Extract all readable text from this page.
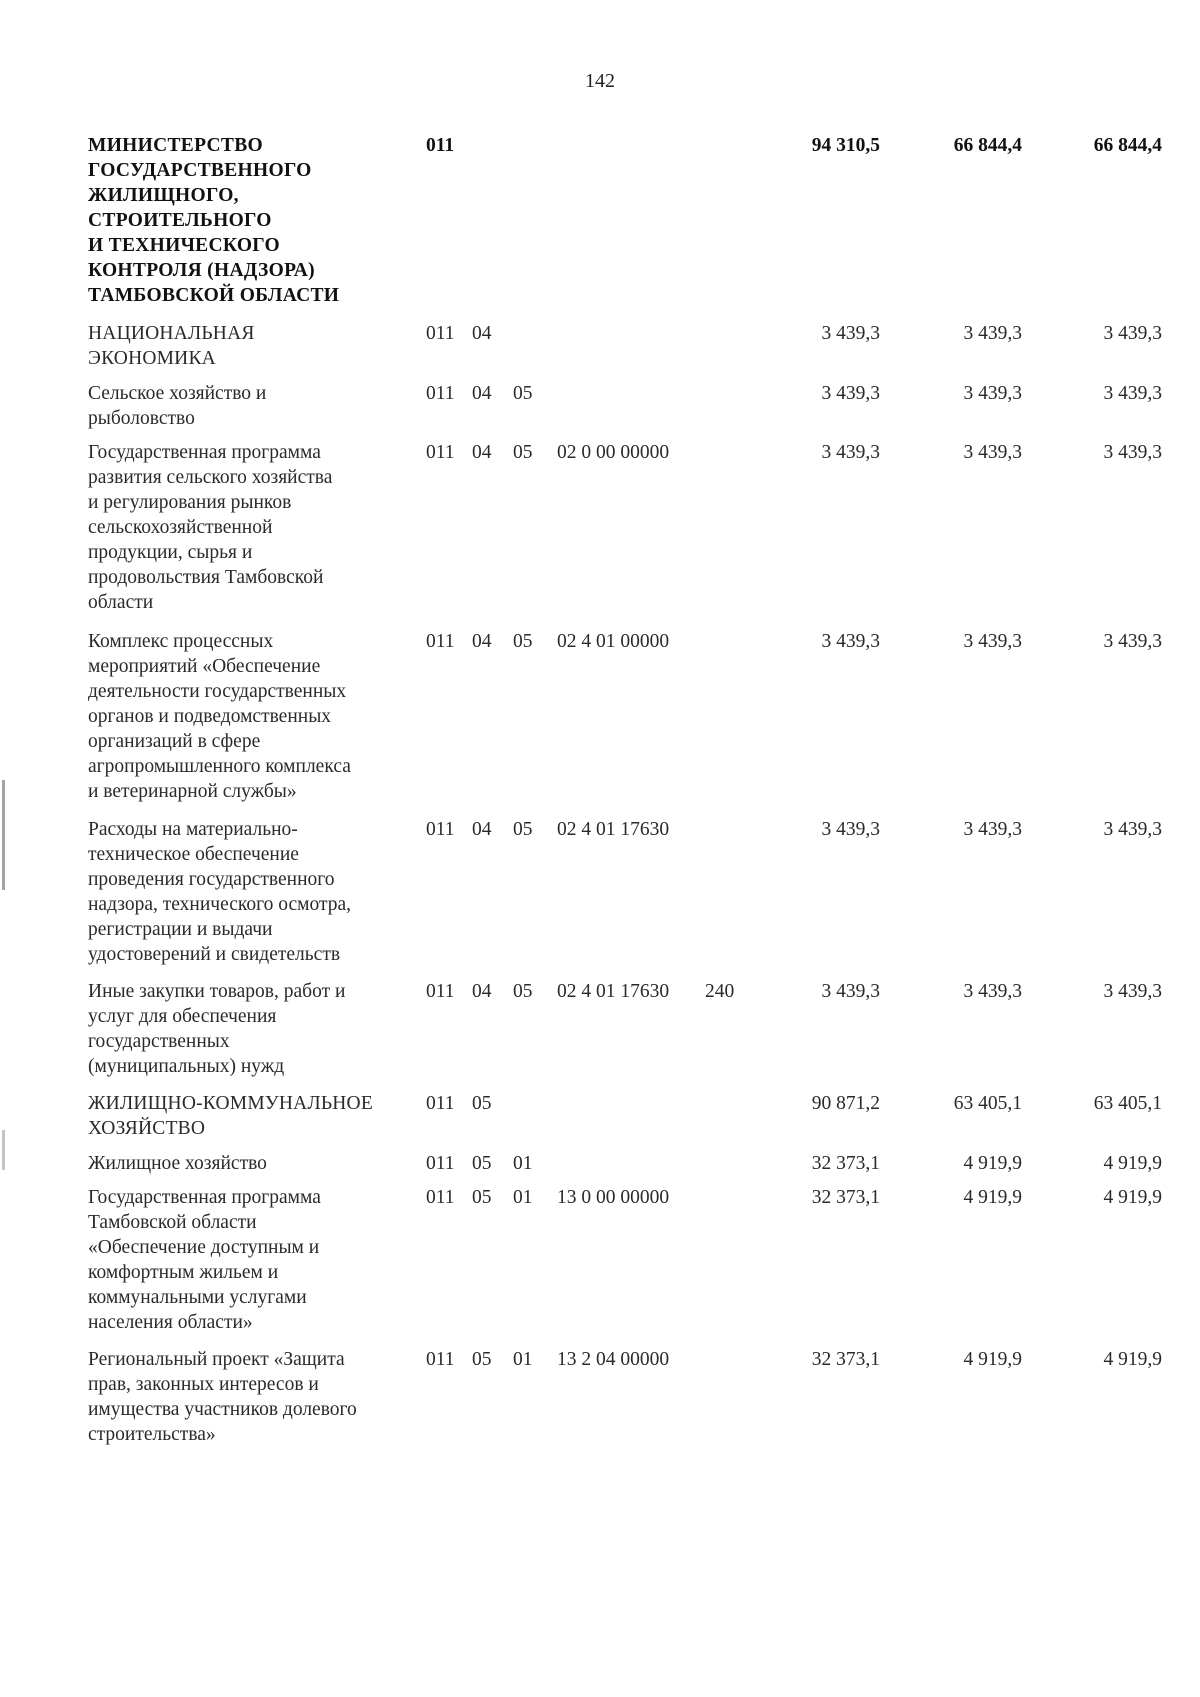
142
МИНИСТЕРСТВО
ГОСУДАРСТВЕННОГО
ЖИЛИЩНОГО,
СТРОИТЕЛЬНОГО
И ТЕХНИЧЕСКОГО
КОНТРОЛЯ (НАДЗОРА)
ТАМБОВСКОЙ ОБЛАСТИ
011	94 310,5	66 844,4	66 844,4
НАЦИОНАЛЬНАЯ
ЭКОНОМИКА
011 04	3 439,3	3 439,3	3 439,3
Сельское хозяйство и
рыболовство
011 04 05	3 439,3	3 439,3	3 439,3
Государственная программа
развития сельского хозяйства
и регулирования рынков
сельскохозяйственной
продукции, сырья и
продовольствия Тамбовской
области
011 04 05 02 0 00 00000	3 439,3	3 439,3	3 439,3
Комплекс процессных
мероприятий «Обеспечение
деятельности государственных
органов и подведомственных
организаций в сфере
агропромышленного комплекса
и ветеринарной службы»
011 04 05 02 4 01 00000	3 439,3	3 439,3	3 439,3
Расходы на материально-
техническое обеспечение
проведения государственного
надзора, технического осмотра,
регистрации и выдачи
удостоверений и свидетельств
011 04 05 02 4 01 17630	3 439,3	3 439,3	3 439,3
Иные закупки товаров, работ и
услуг для обеспечения
государственных
(муниципальных) нужд
011 04 05 02 4 01 17630 240	3 439,3	3 439,3	3 439,3
ЖИЛИЩНО-КОММУНАЛЬНОЕ
ХОЗЯЙСТВО
011 05	90 871,2	63 405,1	63 405,1
Жилищное хозяйство	011 05 01	32 373,1	4 919,9	4 919,9
Государственная программа
Тамбовской области
«Обеспечение доступным и
комфортным жильем и
коммунальными услугами
населения области»
011 05 01 13 0 00 00000	32 373,1	4 919,9	4 919,9
Региональный проект «Защита
прав, законных интересов и
имущества участников долевого
строительства»
011 05 01 13 2 04 00000	32 373,1	4 919,9	4 919,9
